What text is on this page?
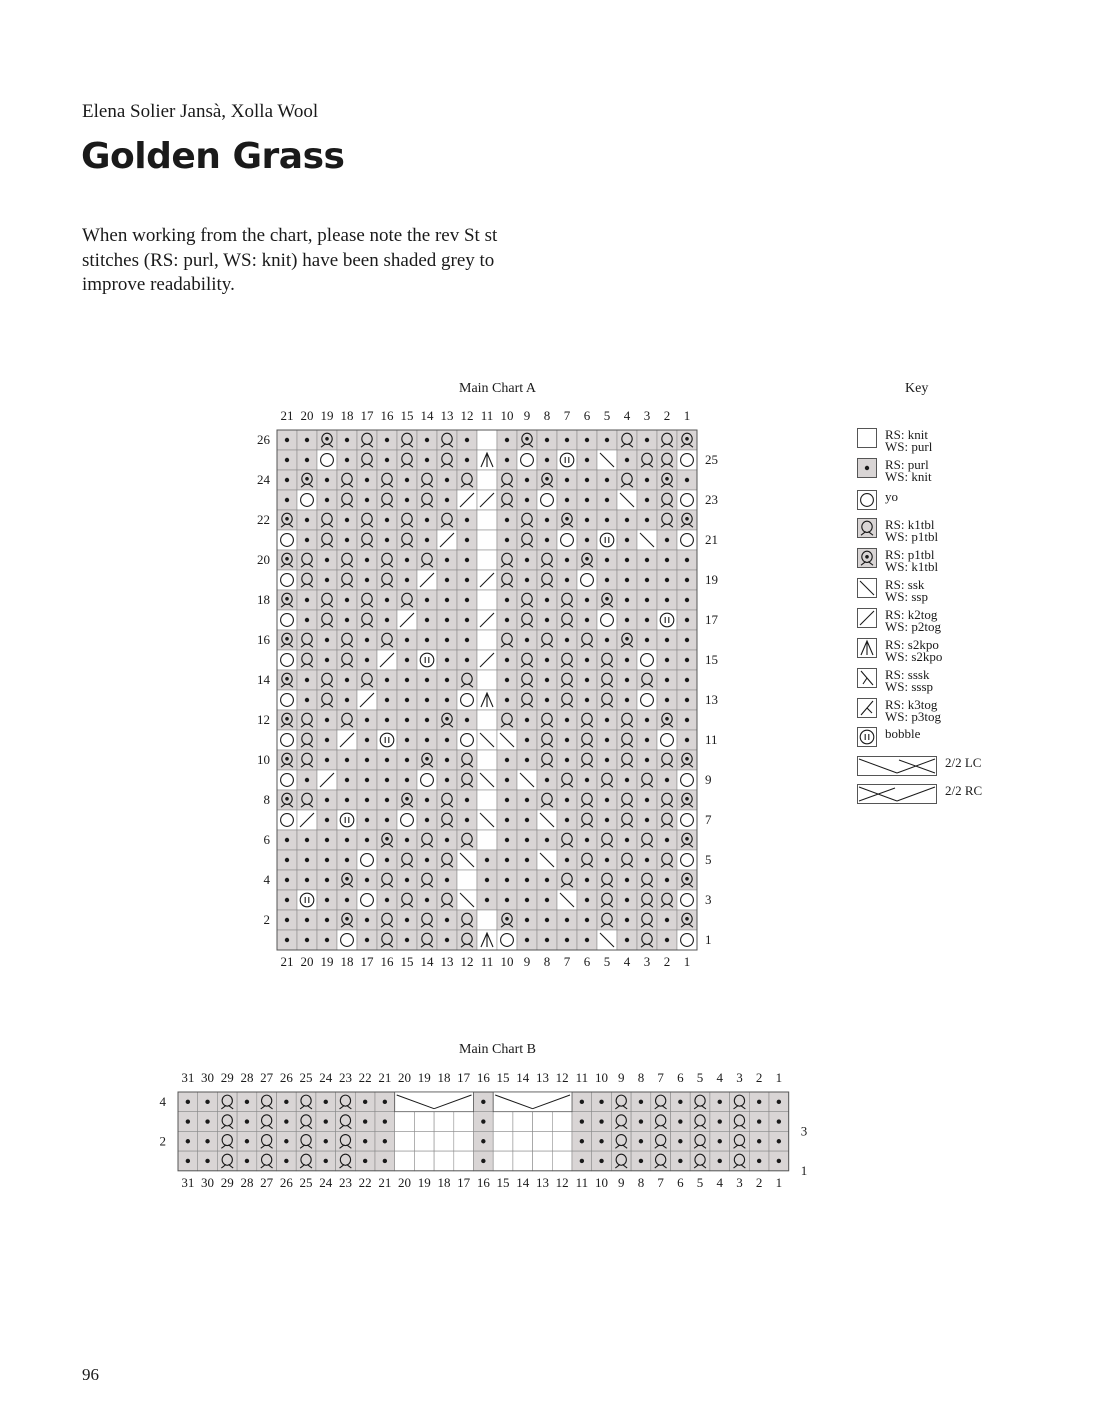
Elena Solier Jansà, Xolla Wool
Golden Grass
When working from the chart, please note the rev St st stitches (RS: purl, WS: knit) have been shaded grey to improve readability.
Main Chart A
21
21
20
20
19
19
18
18
17
17
16
16
15
15
14
14
13
13
12
12
11
11
10
10
9
9
8
8
7
7
6
6
5
5
4
4
3
3
2
2
1
1
2
4
6
8
10
12
14
16
18
20
22
24
26
1
3
5
7
9
11
13
15
17
19
21
23
25
Key
RS: knit
WS: purl
RS: purl
WS: knit
yo
RS: k1tbl
WS: p1tbl
RS: p1tbl
WS: k1tbl
RS: ssk
WS: ssp
RS: k2tog
WS: p2tog
RS: s2kpo
WS: s2kpo
RS: sssk
WS: sssp
RS: k3tog
WS: p3tog
bobble
2/2 LC
2/2 RC
Main Chart B
31
31
30
30
29
29
28
28
27
27
26
26
25
25
24
24
23
23
22
22
21
21
20
20
19
19
18
18
17
17
16
16
15
15
14
14
13
13
12
12
11
11
10
10
9
9
8
8
7
7
6
6
5
5
4
4
3
3
2
2
1
1
2
4
1
3
96
